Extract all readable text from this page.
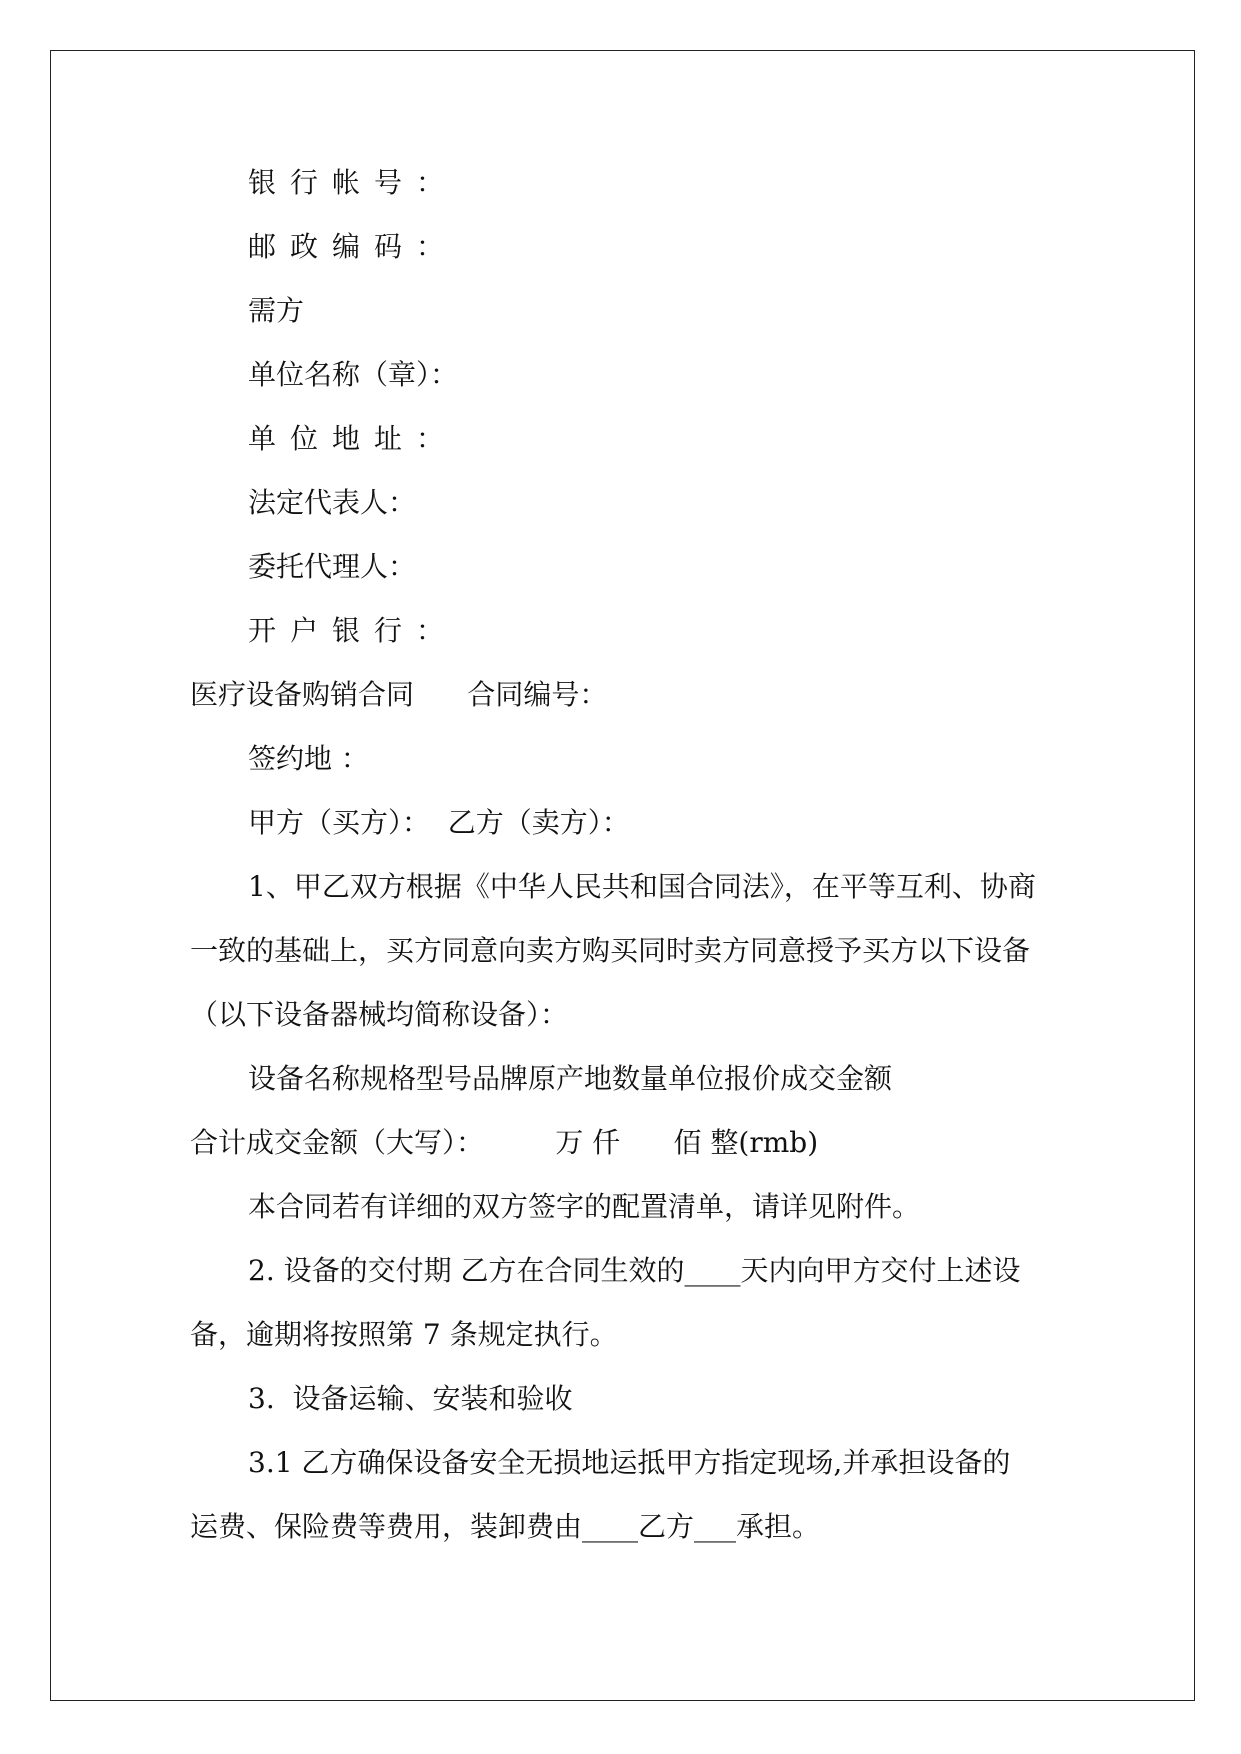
银行帐号：
邮政编码：
需方
单位名称（章）：
单位地址：
法定代表人：
委托代理人：
开户银行：
医疗设备购销合同      合同编号：
签约地 ：
甲方（买方）：  乙方（卖方）：
1、甲乙双方根据《中华人民共和国合同法》，在平等互利、协商
一致的基础上，买方同意向卖方购买同时卖方同意授予买方以下设备
（以下设备器械均简称设备）：
设备名称规格型号品牌原产地数量单位报价成交金额
合计成交金额（大写）：        万 仟      佰 整(rmb)
本合同若有详细的双方签字的配置清单，请详见附件。
2. 设备的交付期 乙方在合同生效的____天内向甲方交付上述设
备，逾期将按照第 7 条规定执行。
3.  设备运输、安装和验收
3.1 乙方确保设备安全无损地运抵甲方指定现场,并承担设备的
运费、保险费等费用，装卸费由____乙方___承担。
